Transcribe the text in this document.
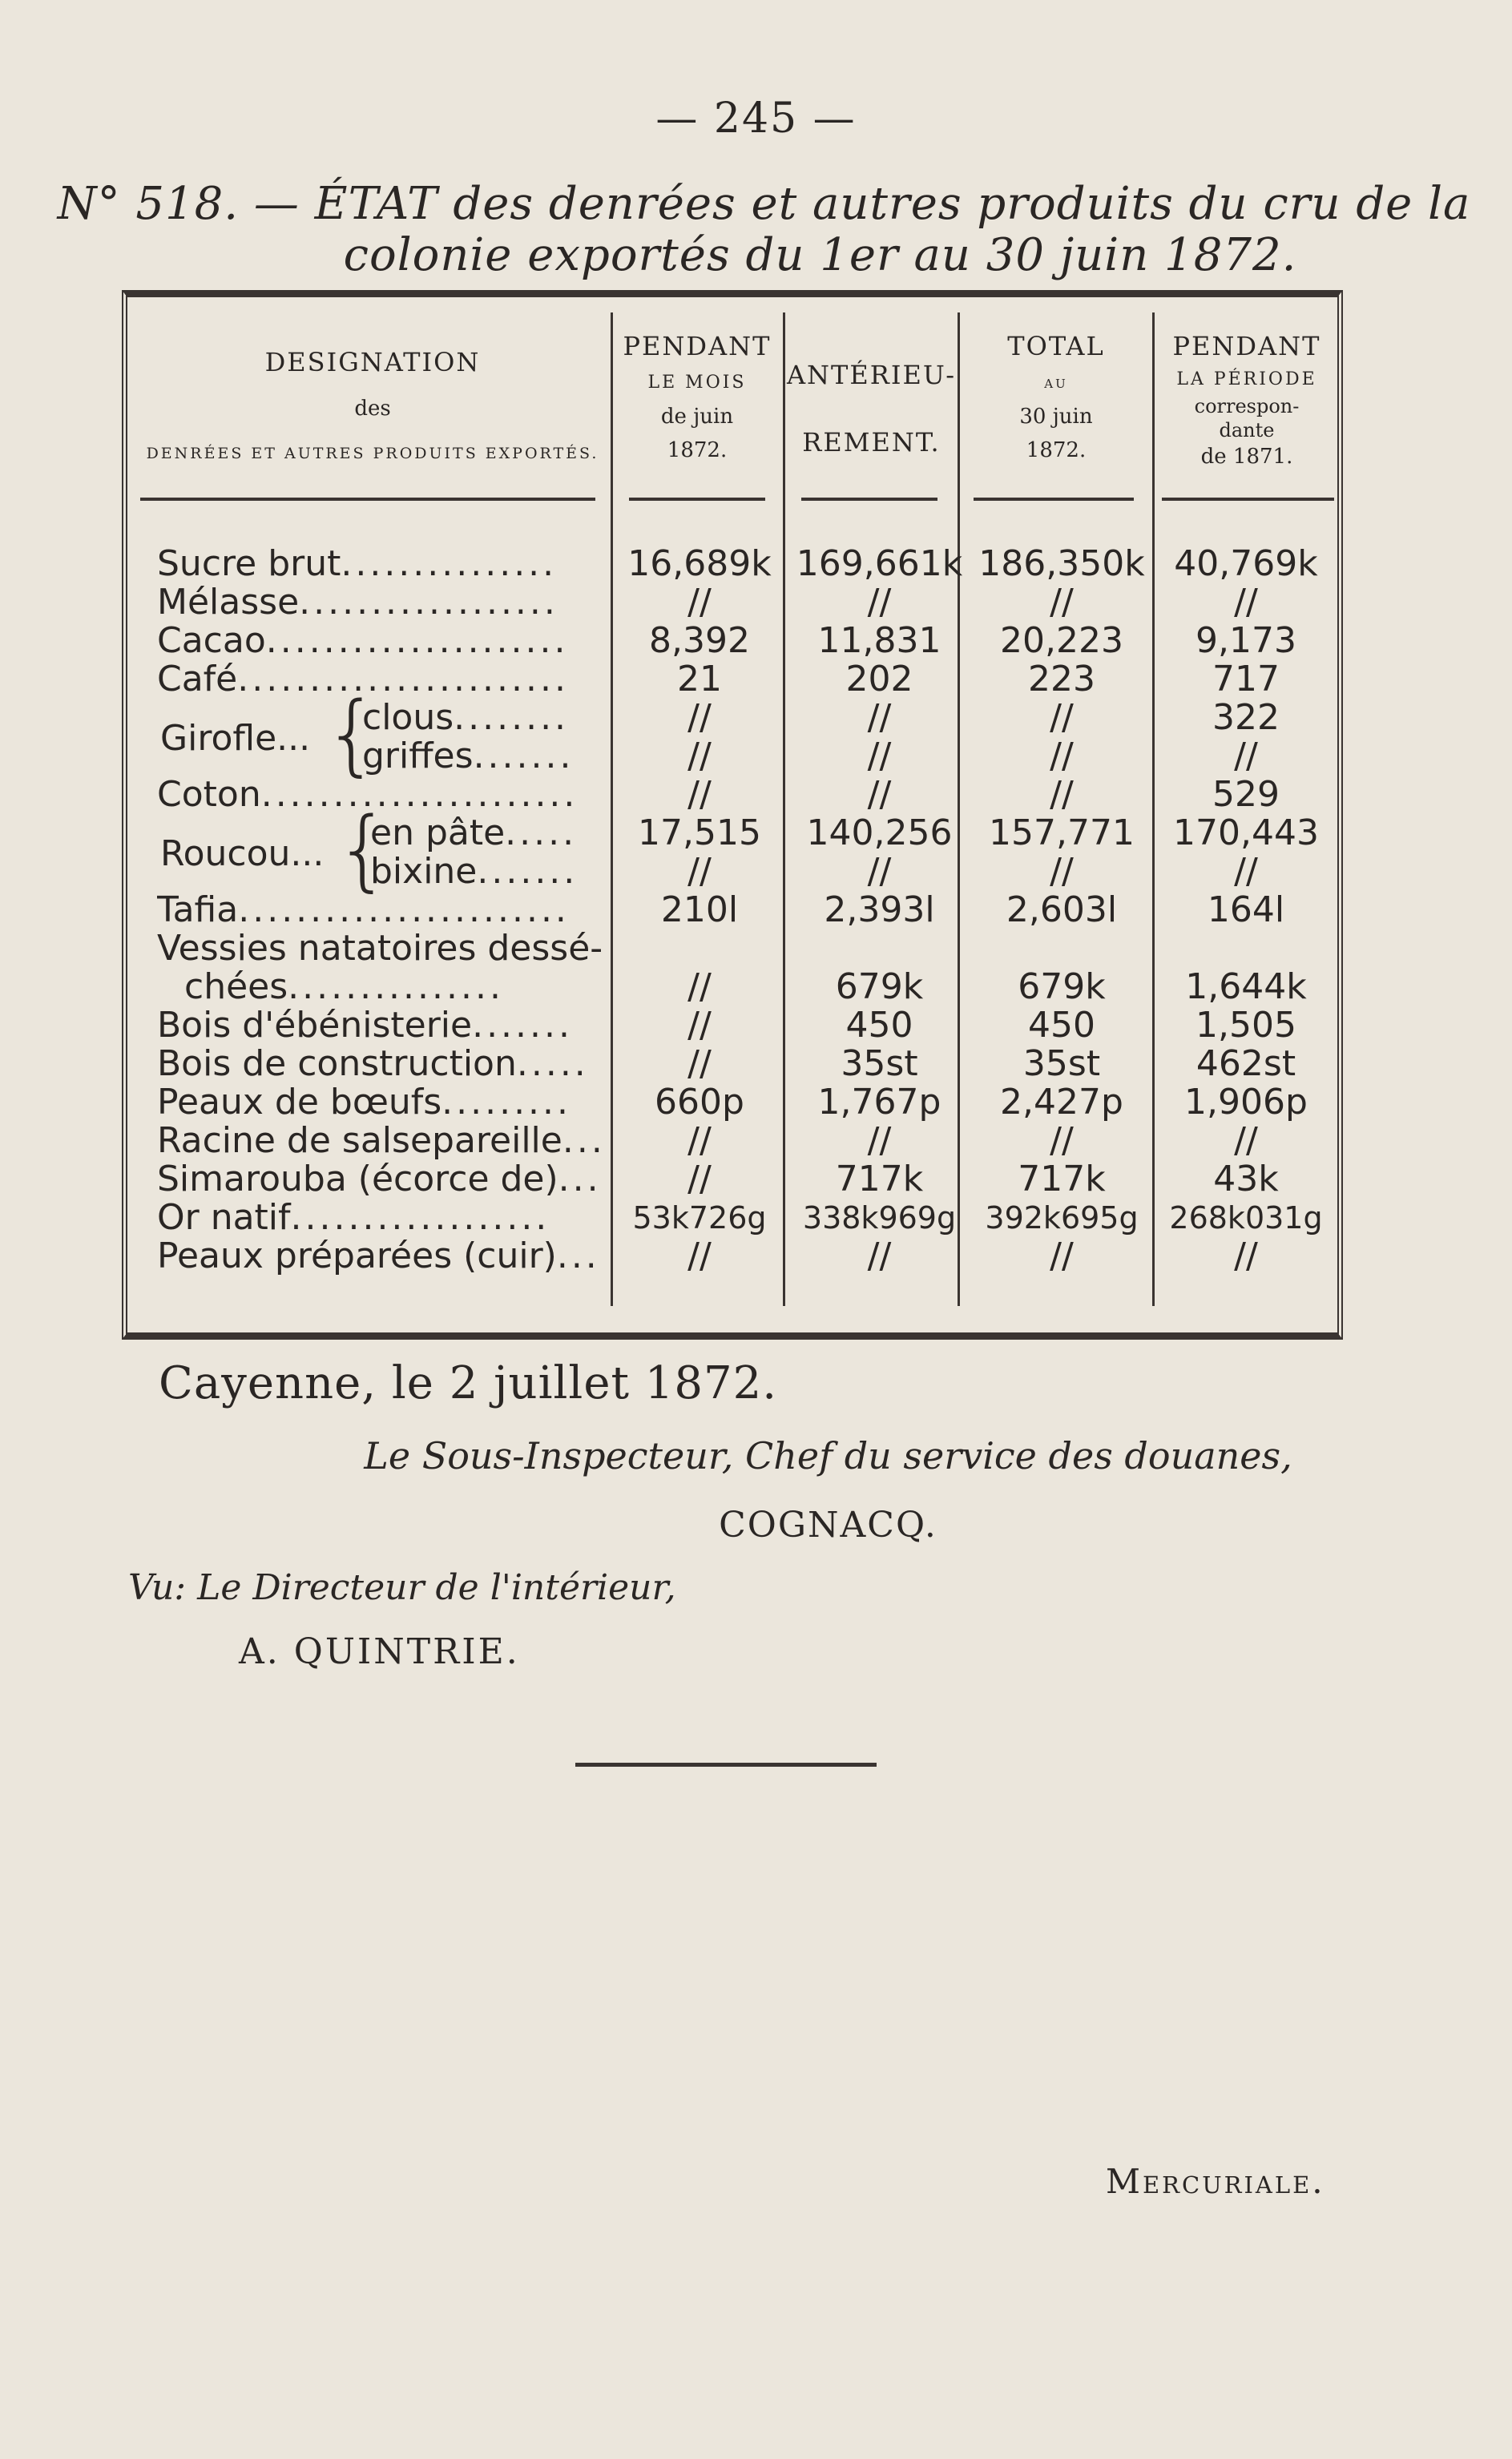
— 245 —
N° 518. — ÉTAT des denrées et autres produits du cru de la
colonie exportés du 1er au 30 juin 1872.
DESIGNATION
des
DENRÉES ET AUTRES PRODUITS EXPORTÉS.
PENDANT
LE MOIS
de juin
1872.
ANTÉRIEU-
REMENT.
TOTAL
au
30 juin
1872.
PENDANT
LA PÉRIODE
correspon-
dante
de 1871.
Sucre brut...............	16,689k 169,661k 186,350k 40,769k
Mélasse..................	//	//	//	//
Cacao.....................	8,392	11,831	20,223	9,173
Café.......................	21	202	223	717
Girofle... {
clous........	//	//	//	322
griffes.......	//	//	//	//
Coton......................	//	//	//	529
Roucou... {
en pâte.....	17,515	140,256	157,771	170,443
bixine.......	//	//	//	//
Tafia.......................	210l	2,393l	2,603l	164l
Vessies natatoires dessé-
chées...............	//	679k	679k	1,644k
Bois d'ébénisterie.......	//	450	450	1,505
Bois de construction.....	//	35st	35st	462st
Peaux de bœufs.........	660p	1,767p	2,427p	1,906p
Racine de salsepareille...	//	//	//	//
Simarouba (écorce de)...	//	717k	717k	43k
Or natif..................	53k726g	338k969g 392k695g	268k031g
Peaux préparées (cuir)...	//	//	//	//
Cayenne, le 2 juillet 1872.
Le Sous-Inspecteur, Chef du service des douanes,
COGNACQ.
Vu: Le Directeur de l'intérieur,
A. QUINTRIE.
Mercuriale.
